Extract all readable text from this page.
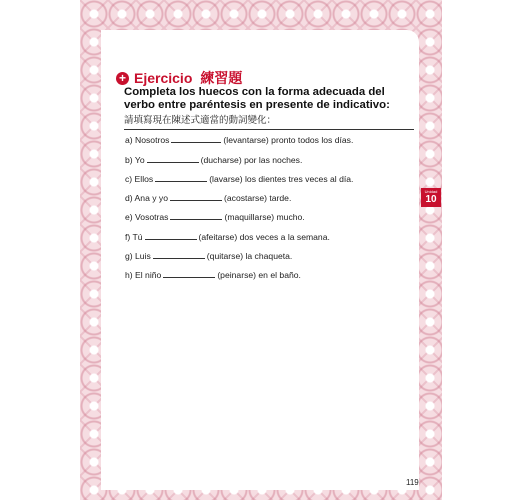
+ Ejercicio 練習題
Completa los huecos con la forma adecuada del verbo entre paréntesis en presente de indicativo:
請填寫現在陳述式適當的動詞變化：
a) Nosotros	(levantarse) pronto todos los días.
b) Yo	(ducharse) por las noches.
c) Ellos	(lavarse) los dientes tres veces al día.
d) Ana y yo	(acostarse) tarde.
e) Vosotras	(maquillarse) mucho.
f) Tú	(afeitarse) dos veces a la semana.
g) Luis	(quitarse) la chaqueta.
h) El niño	(peinarse) en el baño.
Unidad
10
119
